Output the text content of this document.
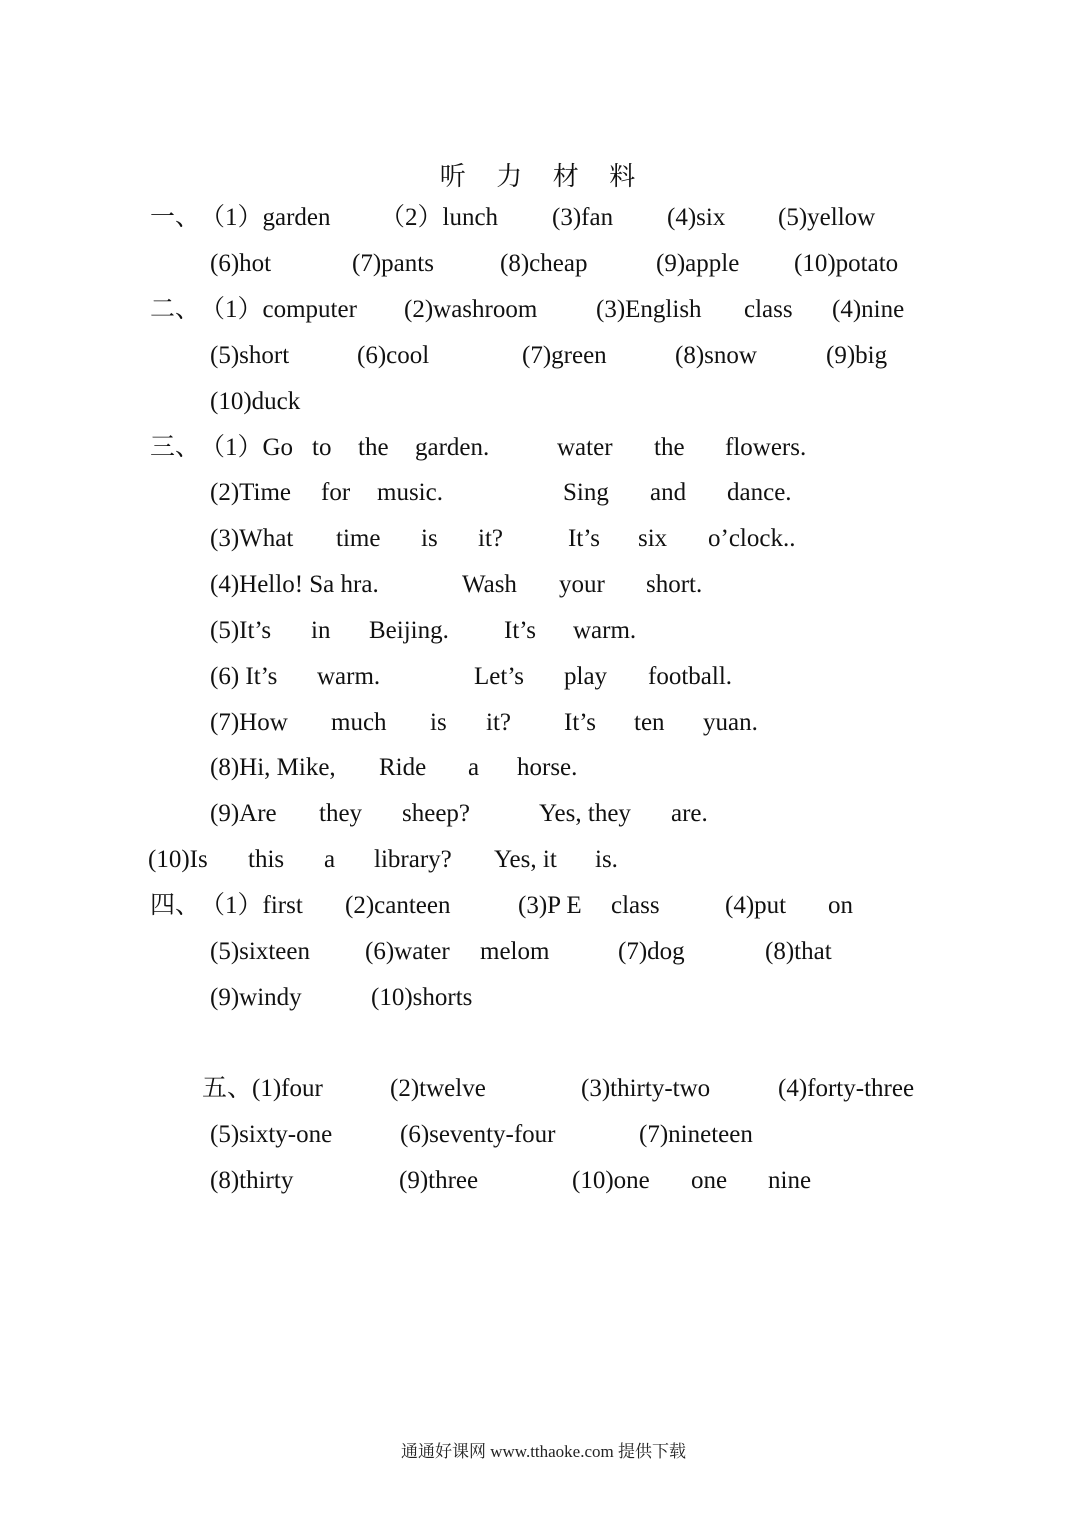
听 力 材 料
一、 （1）garden （2）lunch (3)fan (4)six (5)yellow
(6)hot	(7)pants	(8)cheap	(9)apple (10)potato
二、 （1）computer (2)washroom (3)English class (4)nine
(5)short	(6)cool	(7)green	(8)snow	(9)big
(10)duck
三、 （1）Go to the garden.	water the flowers.
(2)Time for music.	Sing and dance.
(3)What time is it?	It’s six o’clock..
(4)Hello! Sa hra.	Wash your short.
(5)It’s in Beijing. It’s warm.
(6) It’s warm.	Let’s play football.
(7)How much is it? It’s ten yuan.
(8)Hi, Mike, Ride a horse.
(9)Are they sheep?	Yes, they are.
(10)Is this a library? Yes, it is.
四、 （1）first (2)canteen	(3)P E class	(4)put on
(5)sixteen (6)water melom	(7)dog	(8)that
(9)windy	(10)shorts
五、 (1)four	(2)twelve	(3)thirty-two	(4)forty-three
(5)sixty-one	(6)seventy-four	(7)nineteen
(8)thirty	(9)three	(10)one one nine
通通好课网 www.tthaoke.com 提供下载
